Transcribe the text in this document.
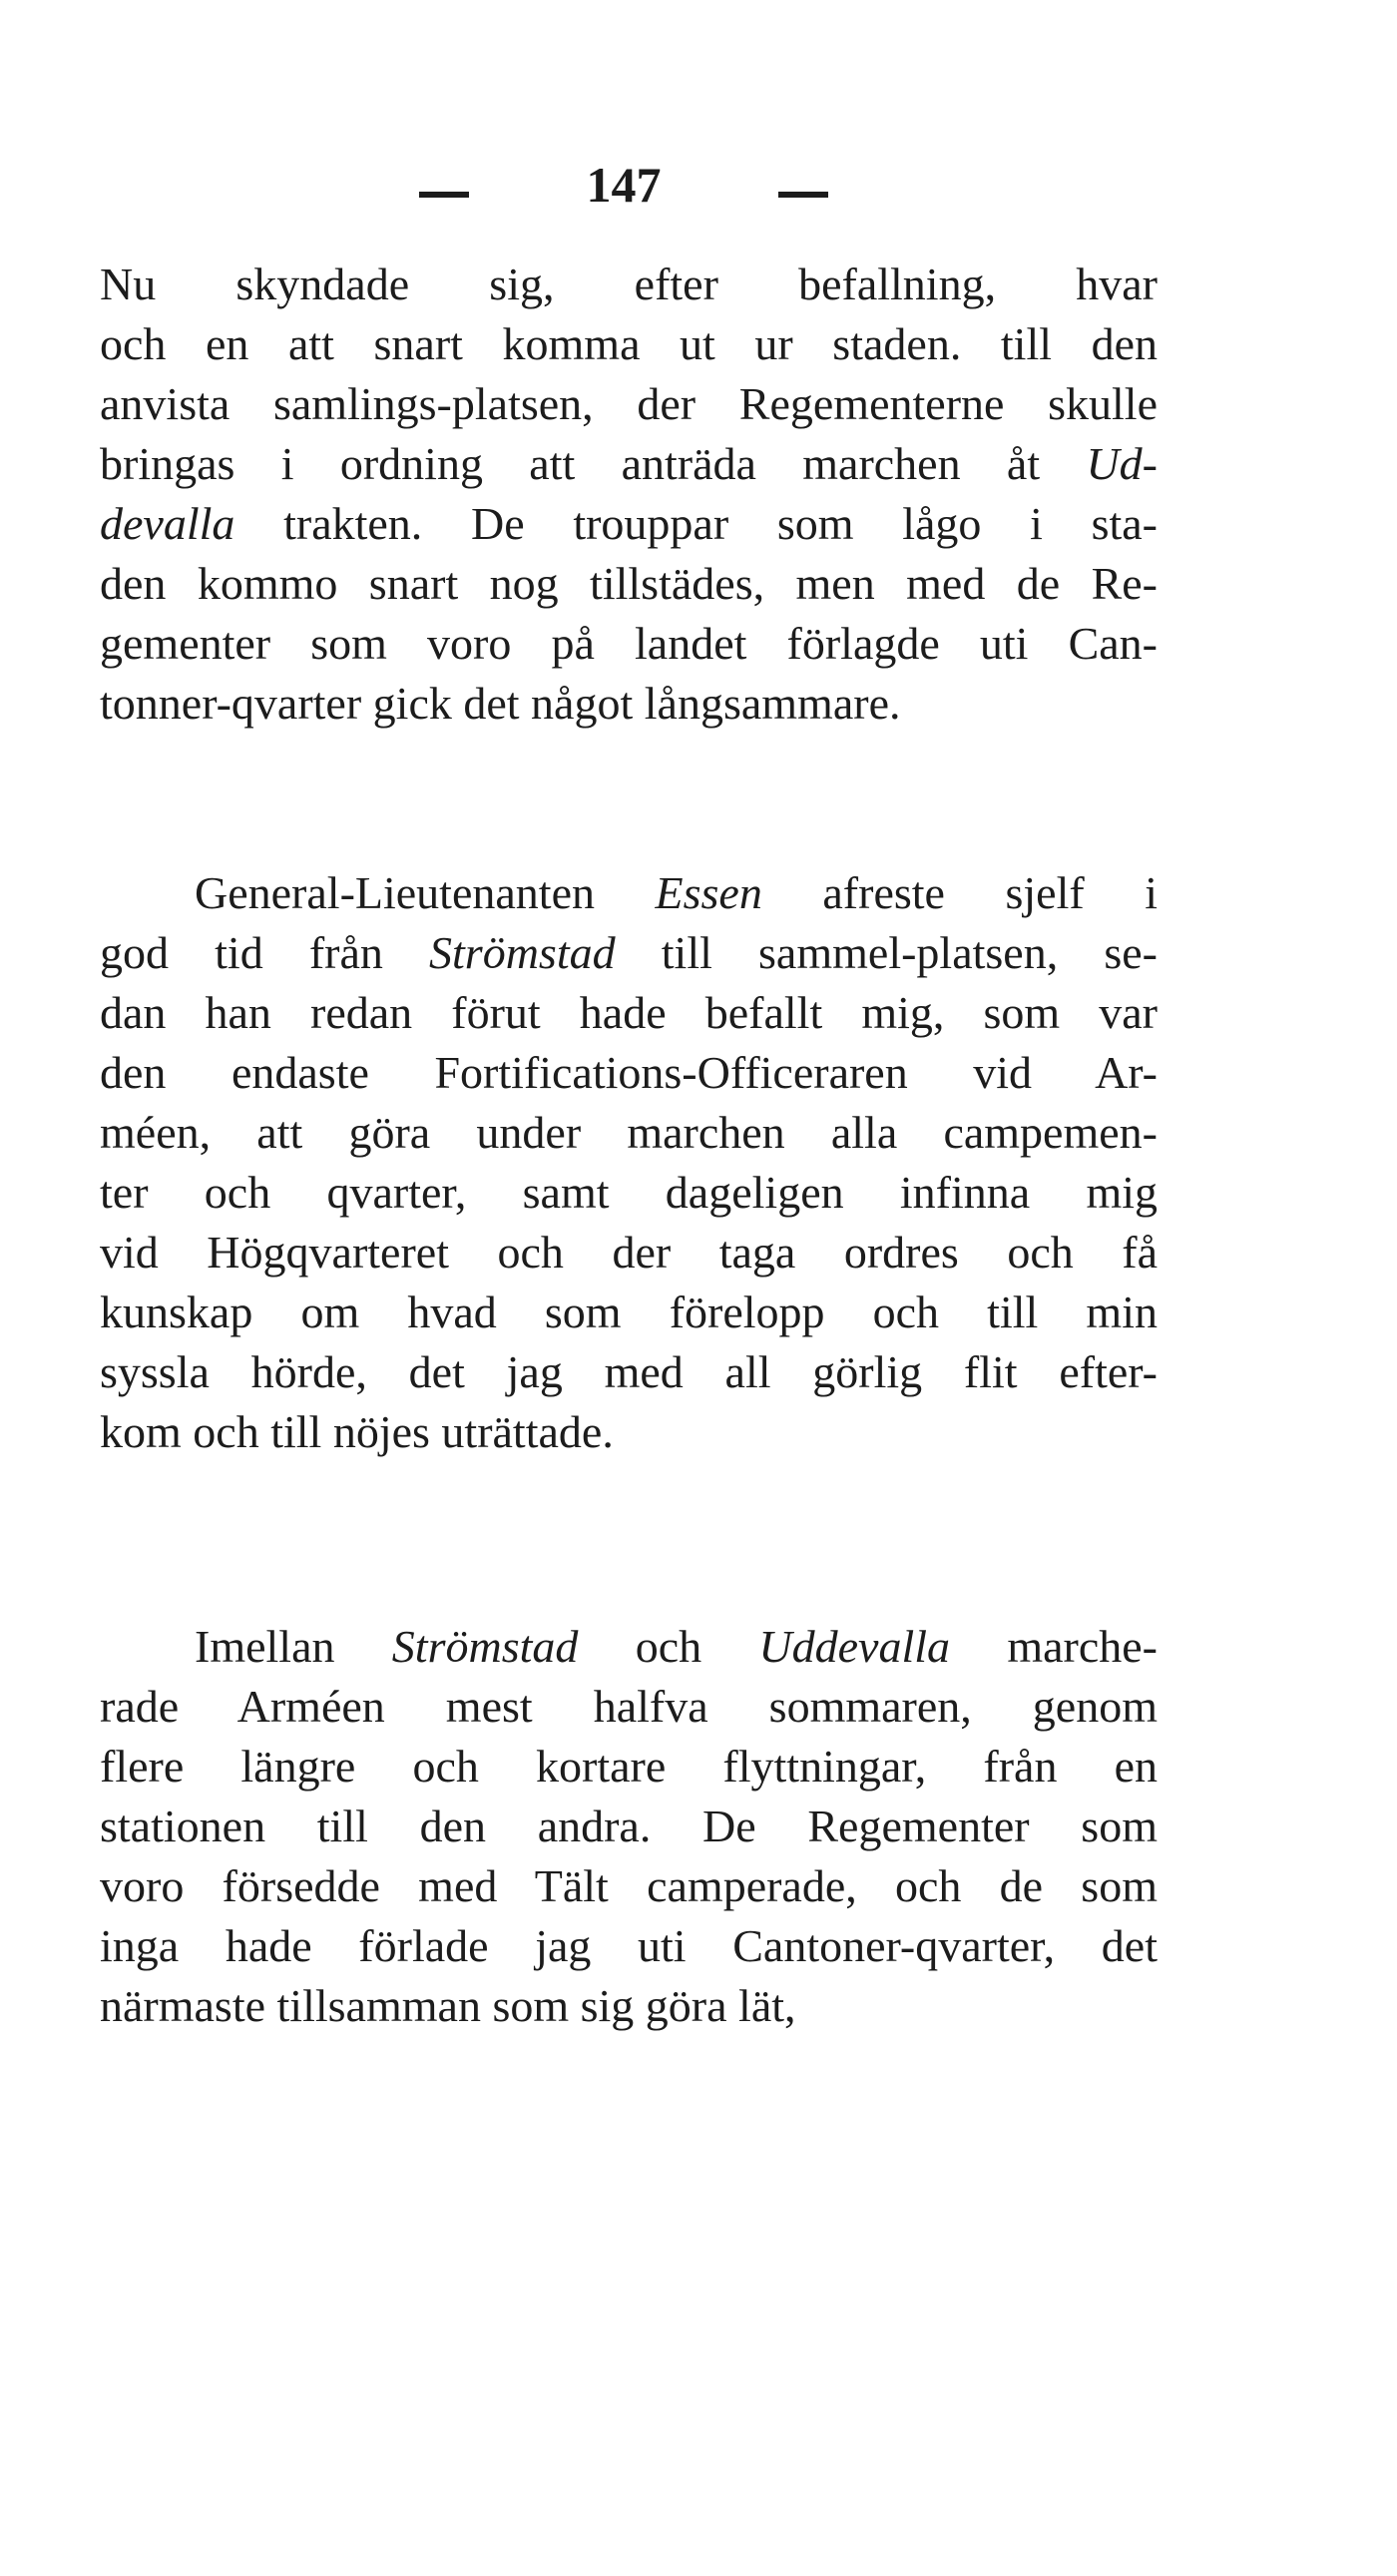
147
Nu skyndade sig, efter befallning, hvar
och en att snart komma ut ur staden. till den
anvista samlings-platsen, der Regementerne skulle
bringas i ordning att anträda marchen åt Ud-
devalla trakten. De trouppar som lågo i sta-
den kommo snart nog tillstädes, men med de Re-
gementer som voro på landet förlagde uti Can-
tonner-qvarter gick det något långsammare.
General-Lieutenanten Essen afreste sjelf i
god tid från Strömstad till sammel-platsen, se-
dan han redan förut hade befallt mig, som var
den endaste Fortifications-Officeraren vid Ar-
méen, att göra under marchen alla campemen-
ter och qvarter, samt dageligen infinna mig
vid Högqvarteret och der taga ordres och få
kunskap om hvad som förelopp och till min
syssla hörde, det jag med all görlig flit efter-
kom och till nöjes uträttade.
Imellan Strömstad och Uddevalla marche-
rade Arméen mest halfva sommaren, genom
flere längre och kortare flyttningar, från en
stationen till den andra. De Regementer som
voro försedde med Tält camperade, och de som
inga hade förlade jag uti Cantoner-qvarter, det
närmaste tillsamman som sig göra lät,
